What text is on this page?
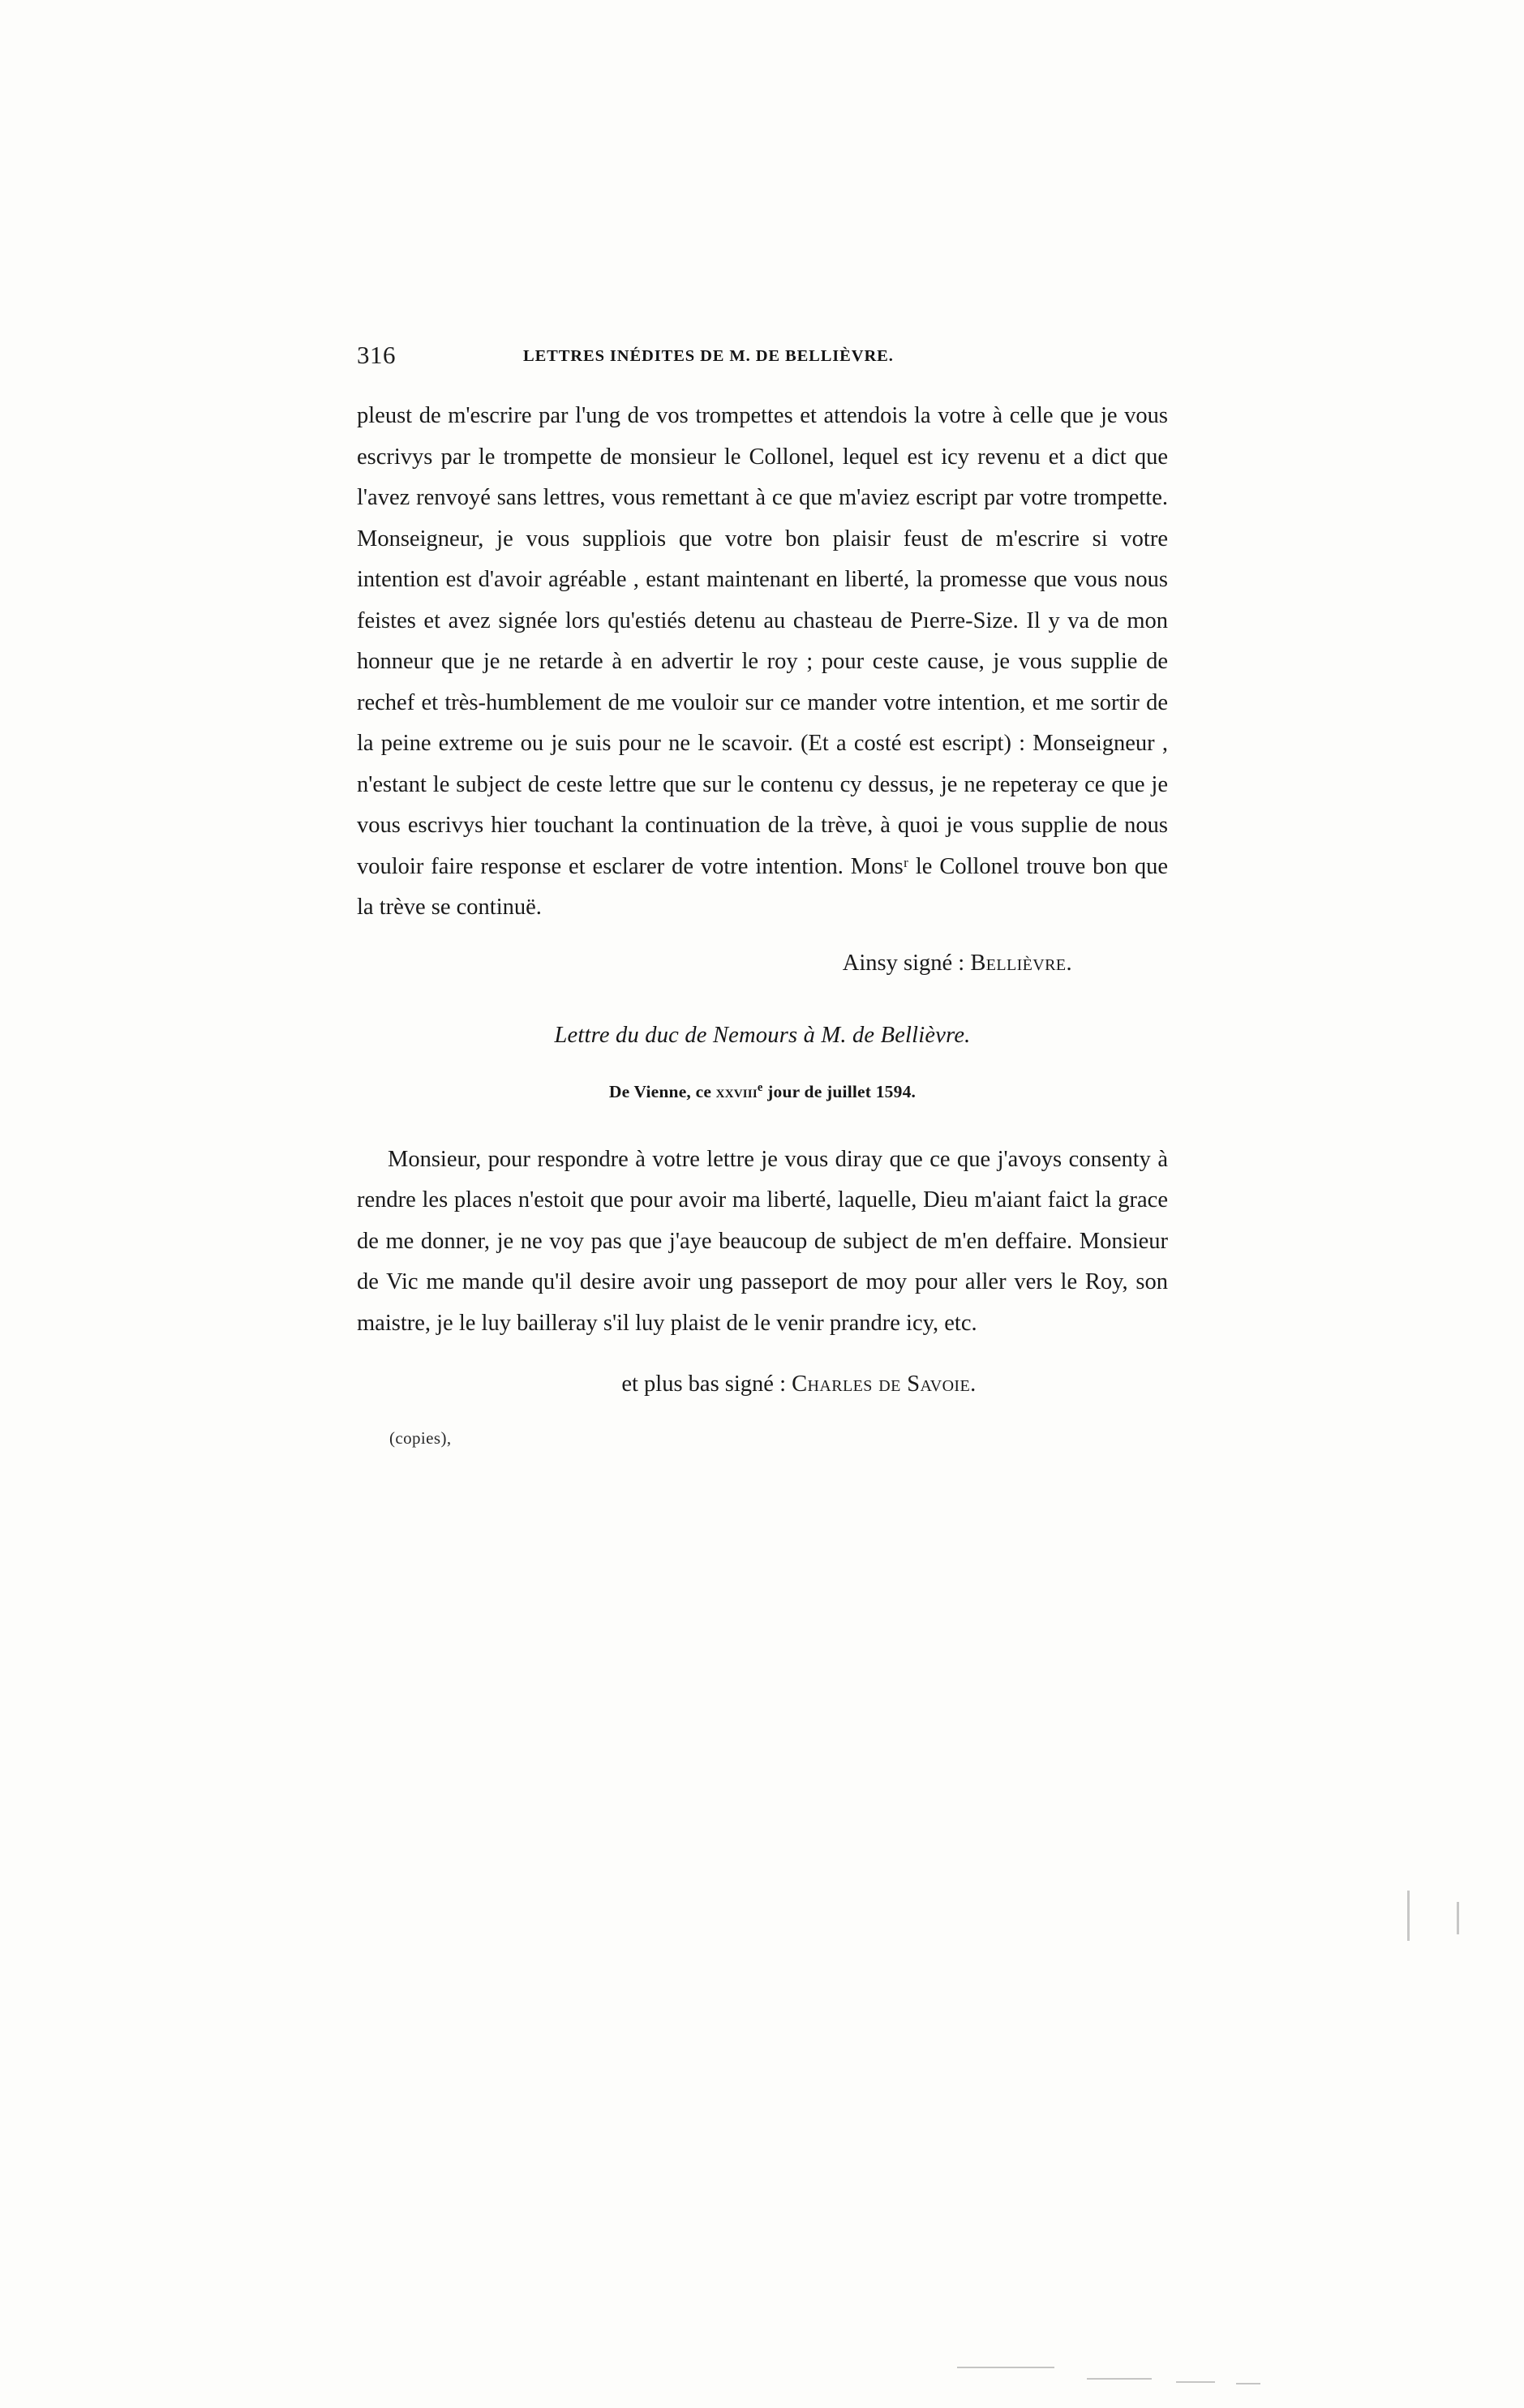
316	LETTRES INÉDITES DE M. DE BELLIÈVRE.

pleust de m'escrire par l'ung de vos trompettes et attendois la votre à celle que je vous escrivys par le trompette de monsieur le Collonel, lequel est icy revenu et a dict que l'avez renvoyé sans lettres, vous remettant à ce que m'aviez escript par votre trompette. Monseigneur, je vous suppliois que votre bon plaisir feust de m'escrire si votre intention est d'avoir agréable , estant maintenant en liberté, la promesse que vous nous feistes et avez signée lors qu'estiés detenu au chasteau de Pıerre-Size. Il y va de mon honneur que je ne retarde à en advertir le roy ; pour ceste cause, je vous supplie de rechef et très-humblement de me vouloir sur ce mander votre intention, et me sortir de la peine extreme ou je suis pour ne le scavoir. (Et a costé est escript) : Monseigneur , n'estant le subject de ceste lettre que sur le contenu cy dessus, je ne repeteray ce que je vous escrivys hier touchant la continuation de la trève, à quoi je vous supplie de nous vouloir faire response et esclarer de votre intention. Monsʳ le Collonel trouve bon que la trève se continuë.

Ainsy signé : Bellièvre.
Lettre du duc de Nemours à M. de Bellièvre.
De Vienne, ce xxviii$^e$ jour de juillet 1594.

Monsieur, pour respondre à votre lettre je vous diray que ce que j'avoys consenty à rendre les places n'estoit que pour avoir ma liberté, laquelle, Dieu m'aiant faict la grace de me donner, je ne voy pas que j'aye beaucoup de subject de m'en deffaire. Monsieur de Vic me mande qu'il desire avoir ung passeport de moy pour aller vers le Roy, son maistre, je le luy bailleray s'il luy plaist de le venir prandre icy, etc.

et plus bas signé : Charles de Savoıe.
(copies),
